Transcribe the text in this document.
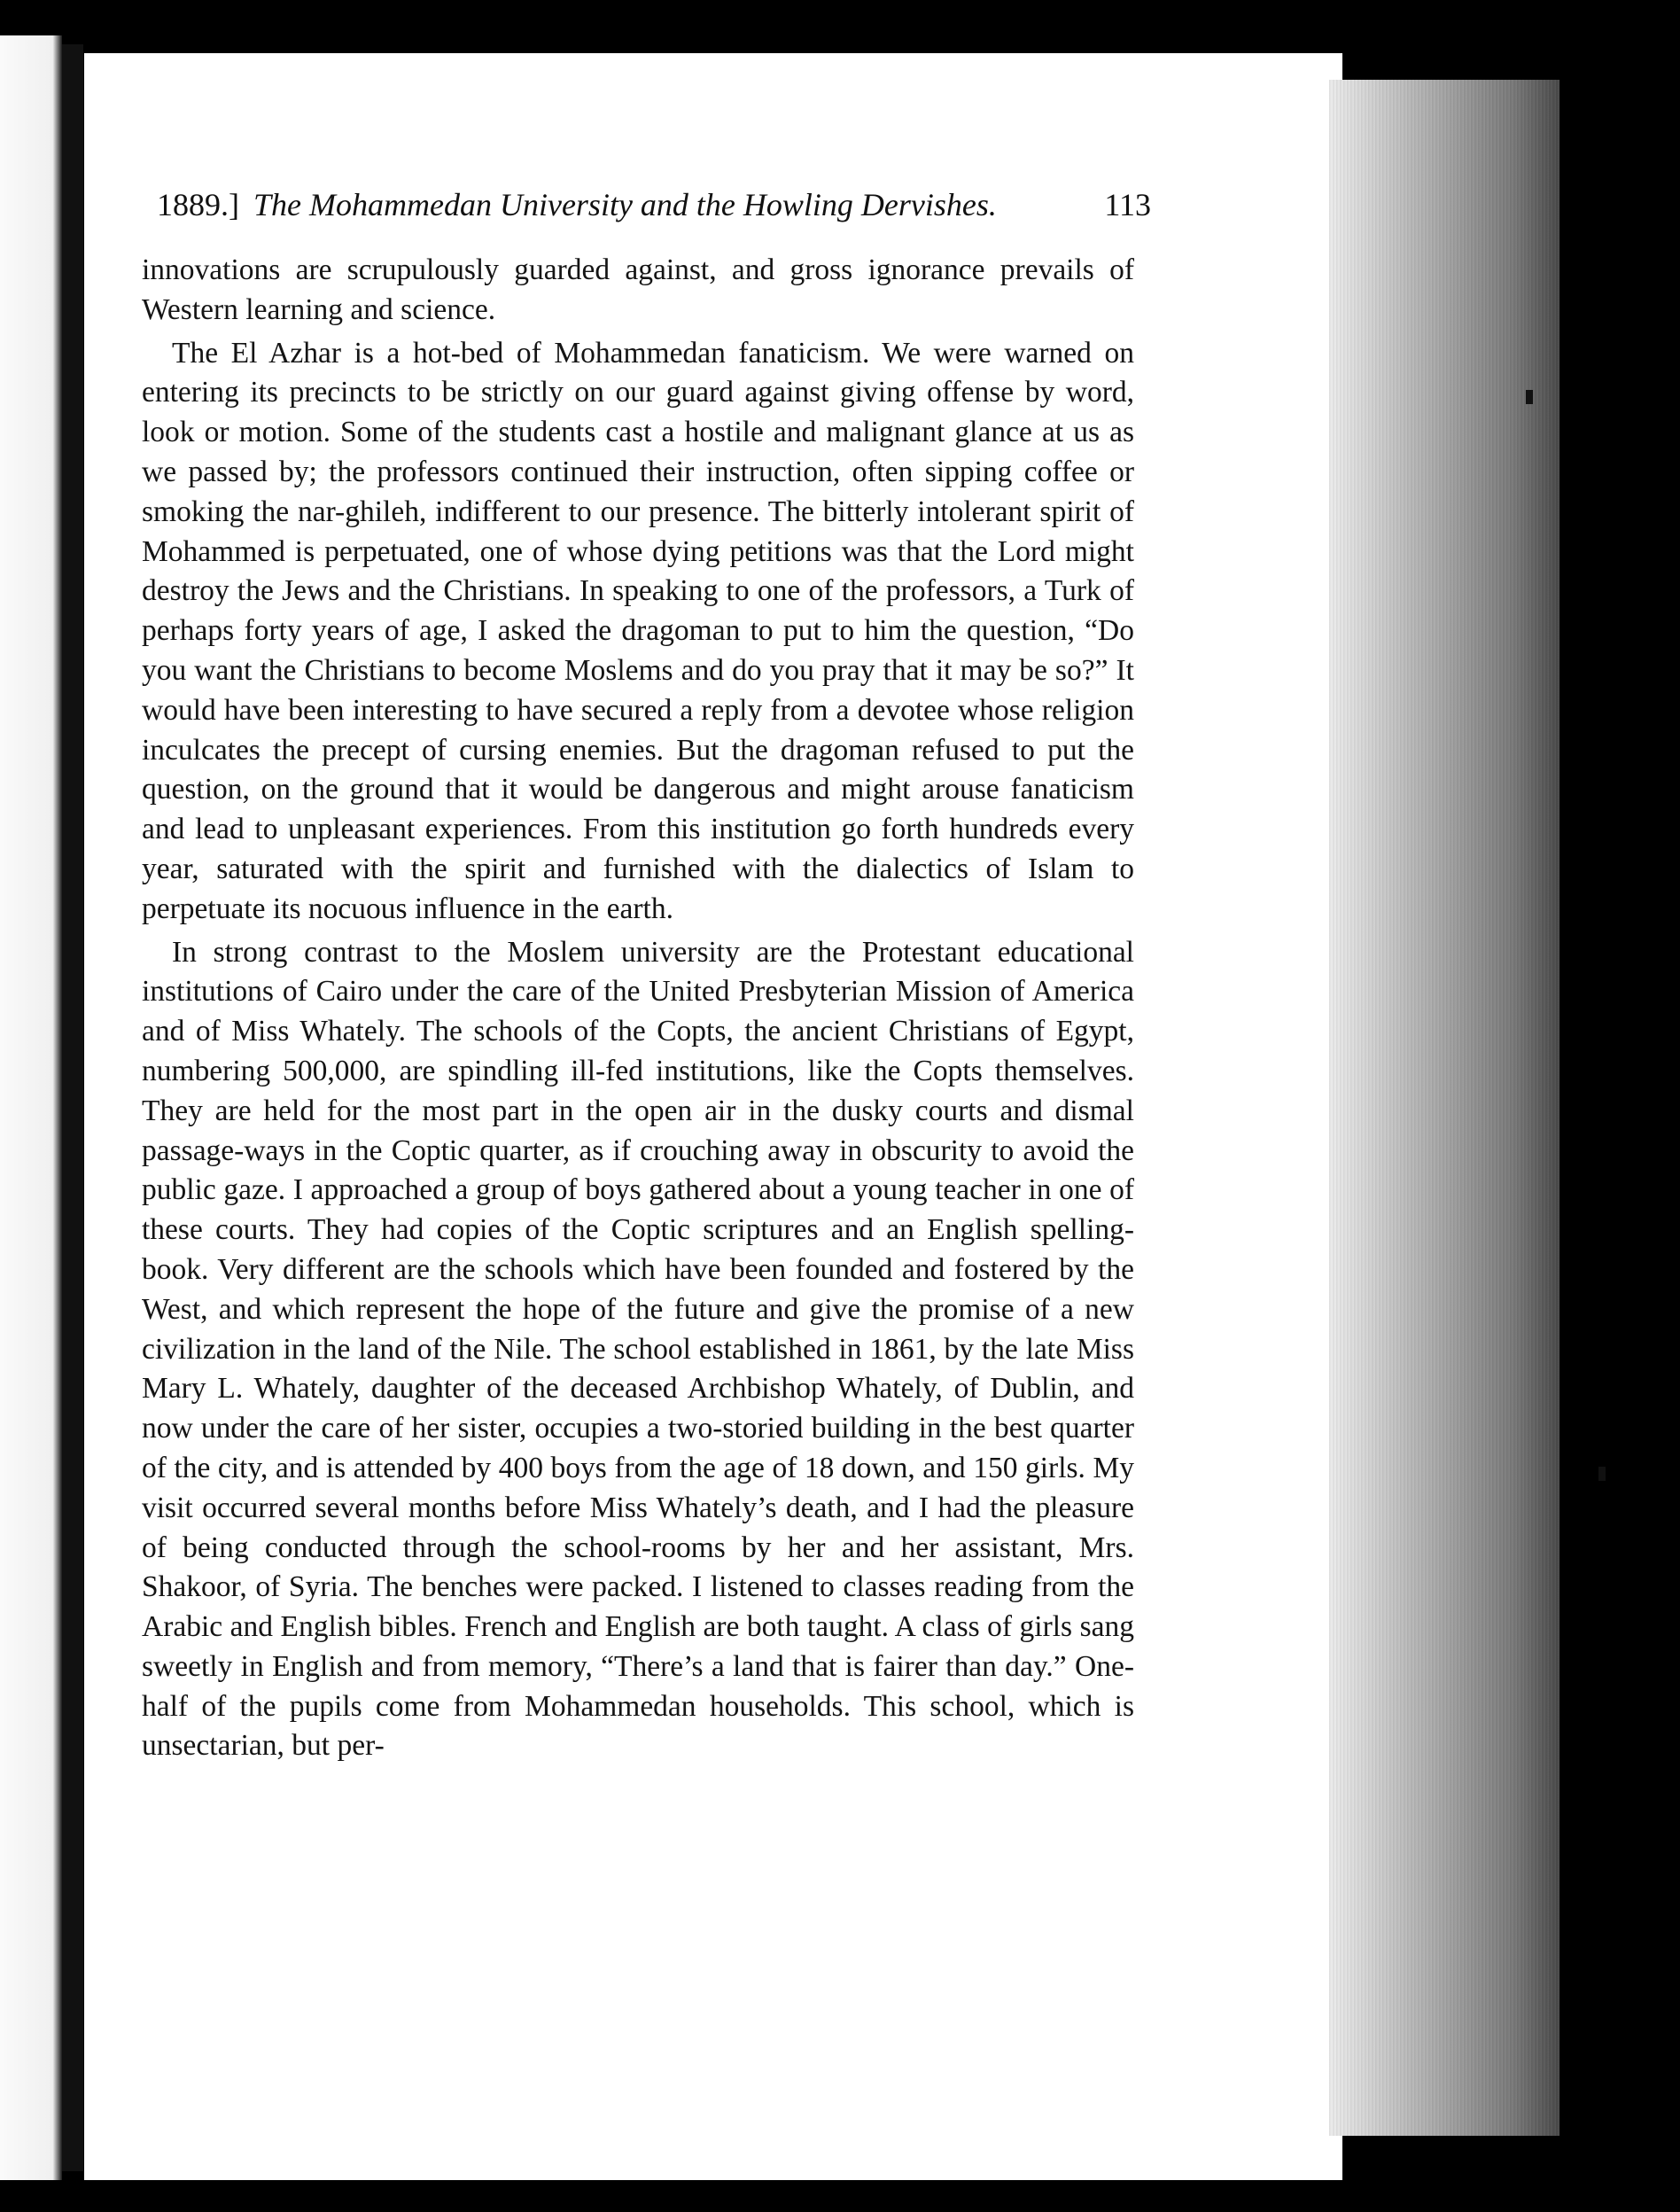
1889.] The Mohammedan University and the Howling Dervishes.	113

innovations are scrupulously guarded against, and gross ignorance prevails of Western learning and science.

The El Azhar is a hot-bed of Mohammedan fanaticism. We were warned on entering its precincts to be strictly on our guard against giving offense by word, look or motion. Some of the students cast a hostile and malignant glance at us as we passed by; the professors continued their instruction, often sipping coffee or smoking the nar-ghileh, indifferent to our presence. The bitterly intolerant spirit of Mohammed is perpetuated, one of whose dying petitions was that the Lord might destroy the Jews and the Christians. In speaking to one of the professors, a Turk of perhaps forty years of age, I asked the dragoman to put to him the question, “Do you want the Christians to become Moslems and do you pray that it may be so?” It would have been interesting to have secured a reply from a devotee whose religion inculcates the precept of cursing enemies. But the dragoman refused to put the question, on the ground that it would be dangerous and might arouse fanaticism and lead to unpleasant experiences. From this institution go forth hundreds every year, saturated with the spirit and furnished with the dialectics of Islam to perpetuate its nocuous influence in the earth.

In strong contrast to the Moslem university are the Protestant educational institutions of Cairo under the care of the United Presbyterian Mission of America and of Miss Whately. The schools of the Copts, the ancient Christians of Egypt, numbering 500,000, are spindling ill-fed institutions, like the Copts themselves. They are held for the most part in the open air in the dusky courts and dismal passage-ways in the Coptic quarter, as if crouching away in obscurity to avoid the public gaze. I approached a group of boys gathered about a young teacher in one of these courts. They had copies of the Coptic scriptures and an English spelling-book. Very different are the schools which have been founded and fostered by the West, and which represent the hope of the future and give the promise of a new civilization in the land of the Nile. The school established in 1861, by the late Miss Mary L. Whately, daughter of the deceased Archbishop Whately, of Dublin, and now under the care of her sister, occupies a two-storied building in the best quarter of the city, and is attended by 400 boys from the age of 18 down, and 150 girls. My visit occurred several months before Miss Whately’s death, and I had the pleasure of being conducted through the school-rooms by her and her assistant, Mrs. Shakoor, of Syria. The benches were packed. I listened to classes reading from the Arabic and English bibles. French and English are both taught. A class of girls sang sweetly in English and from memory, “There’s a land that is fairer than day.” One-half of the pupils come from Mohammedan households. This school, which is unsectarian, but per-
